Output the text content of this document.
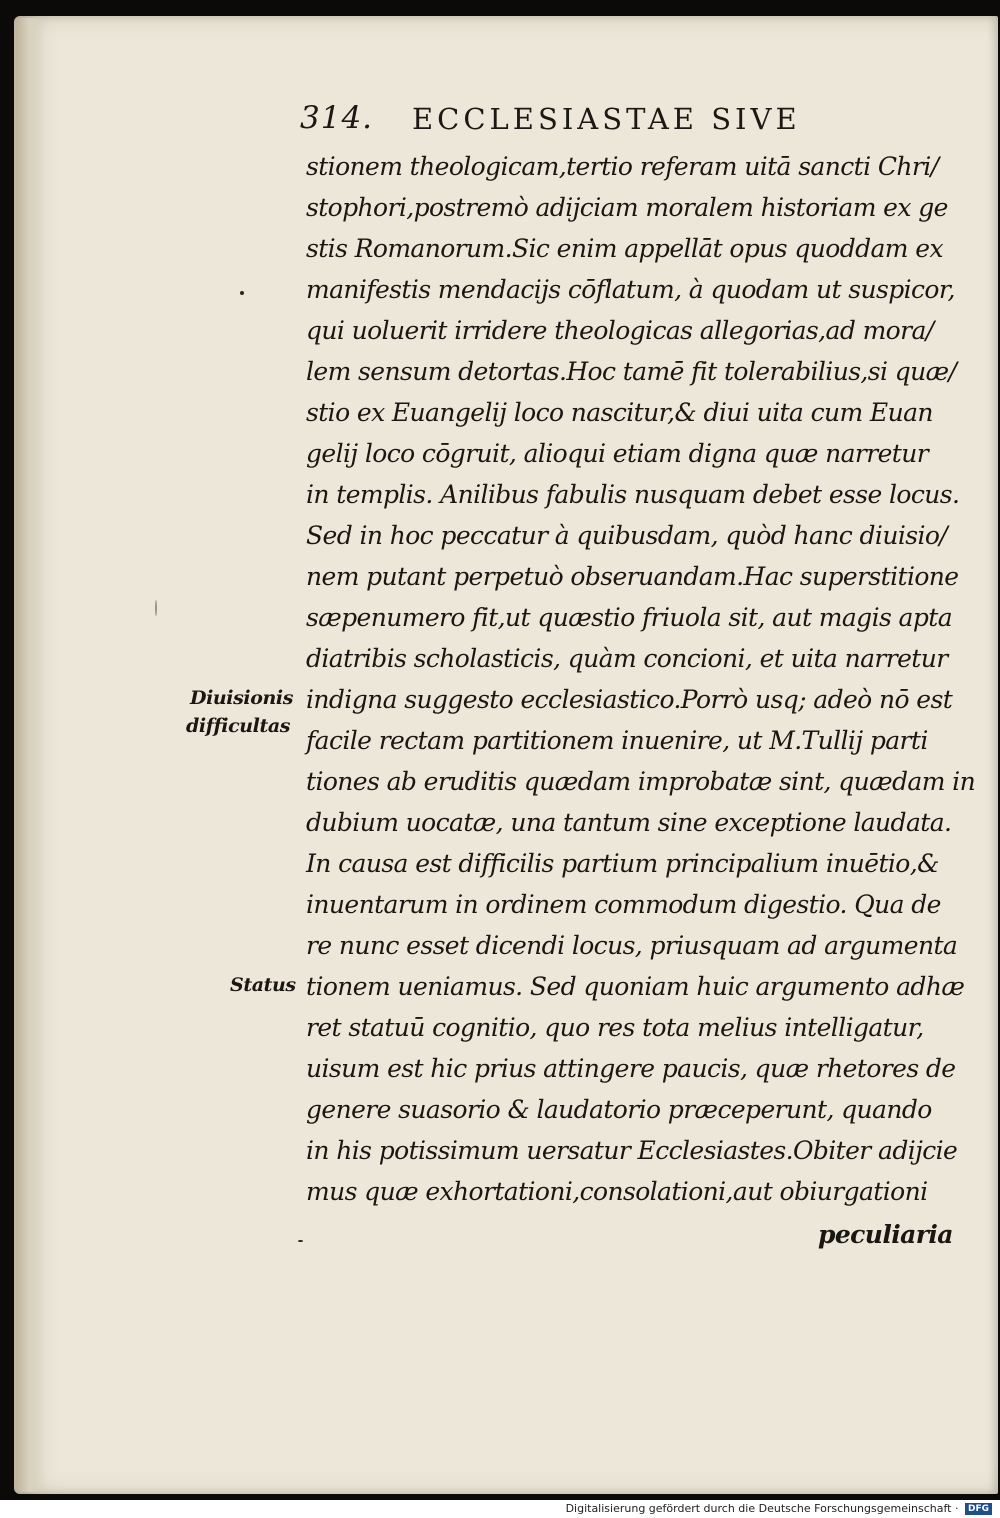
314. ECCLESIASTAE SIVE
stionem theologicam,tertio referam uitā sancti Chri/
stophori,postremò adijciam moralem historiam ex ge
stis Romanorum.Sic enim appellāt opus quoddam ex
manifestis mendacijs cōflatum, à quodam ut suspicor,
qui uoluerit irridere theologicas allegorias,ad mora/
lem sensum detortas.Hoc tamē fit tolerabilius,si quæ/
stio ex Euangelij loco nascitur,& diui uita cum Euan
gelij loco cōgruit, alioqui etiam digna quæ narretur
in templis. Anilibus fabulis nusquam debet esse locus.
Sed in hoc peccatur à quibusdam, quòd hanc diuisio/
nem putant perpetuò obseruandam.Hac superstitione
sæpenumero fit,ut quæstio friuola sit, aut magis apta
diatribis scholasticis, quàm concioni, et uita narretur
indigna suggesto ecclesiastico.Porrò usq; adeò nō est
facile rectam partitionem inuenire, ut M.Tullij parti
tiones ab eruditis quædam improbatæ sint, quædam in
dubium uocatæ, una tantum sine exceptione laudata.
In causa est difficilis partium principalium inuētio,&
inuentarum in ordinem commodum digestio. Qua de
re nunc esset dicendi locus, priusquam ad argumenta
tionem ueniamus. Sed quoniam huic argumento adhæ
ret statuū cognitio, quo res tota melius intelligatur,
uisum est hic prius attingere paucis, quæ rhetores de
genere suasorio & laudatorio præceperunt, quando
in his potissimum uersatur Ecclesiastes.Obiter adijcie
mus quæ exhortationi,consolationi,aut obiurgationi
peculiaria
Diuisionis
difficultas
Status
Digitalisierung gefördert durch die Deutsche Forschungsgemeinschaft · DFG
